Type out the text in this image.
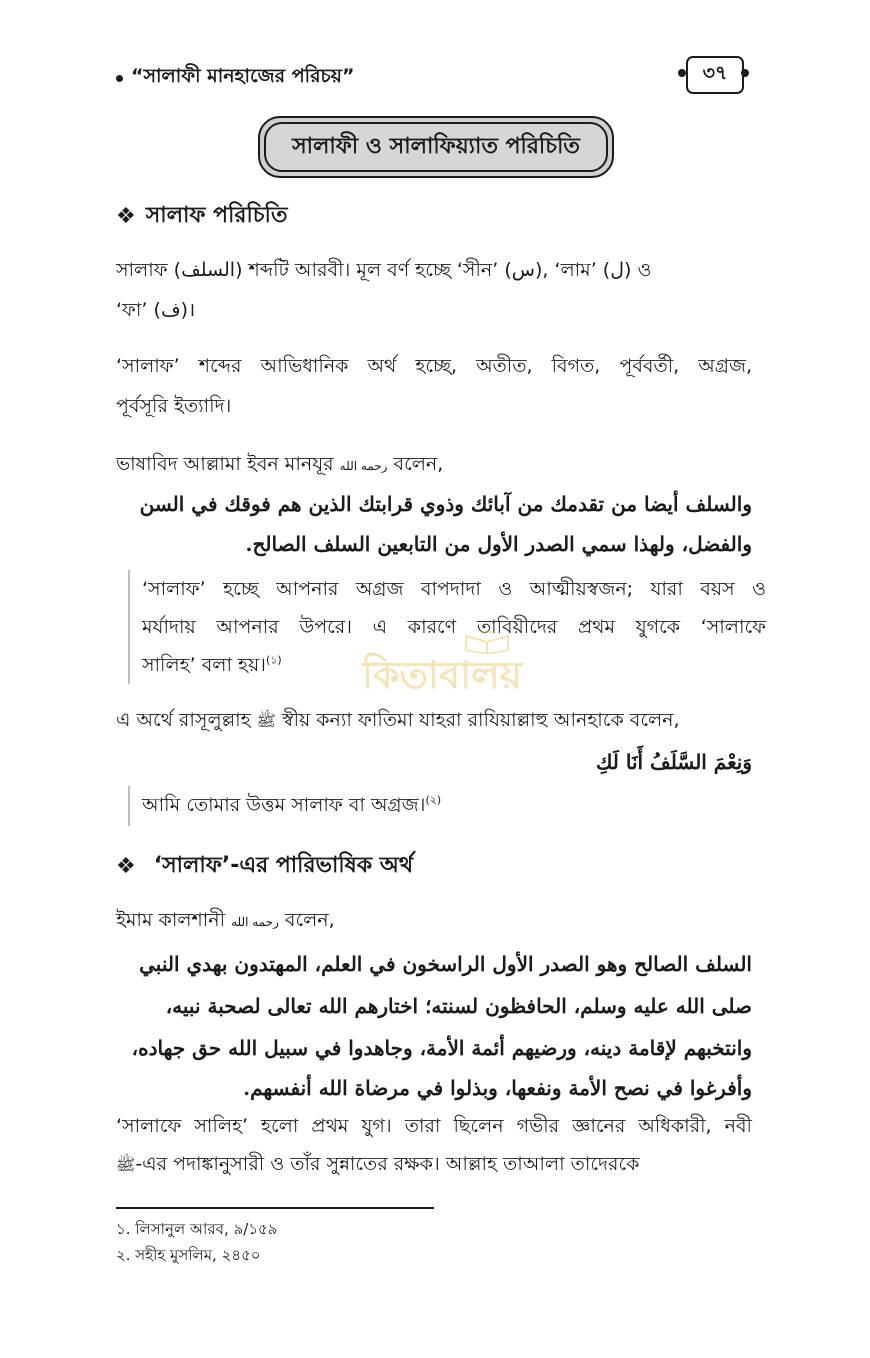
“সালাফী মানহাজের পরিচয়”	৩৭
সালাফী ও সালাফিয়্যাত পরিচিতি
❖ সালাফ পরিচিতি
সালাফ (السلف) শব্দটি আরবী। মূল বর্ণ হচ্ছে ‘সীন’ (س), ‘লাম’ (ل) ও
‘ফা’ (ف)।
‘সালাফ’ শব্দের আভিধানিক অর্থ হচ্ছে, অতীত, বিগত, পূর্ববর্তী, অগ্রজ,
পূর্বসূরি ইত্যাদি।
ভাষাবিদ আল্লামা ইবন মানযূর رحمه الله বলেন,
والسلف أيضا من تقدمك من آبائك وذوي قرابتك الذين هم فوقك في السن
والفضل، ولهذا سمي الصدر الأول من التابعين السلف الصالح.
‘সালাফ’ হচ্ছে আপনার অগ্রজ বাপদাদা ও আত্মীয়স্বজন; যারা বয়স ও
মর্যাদায় আপনার উপরে। এ কারণে তাবিয়ীদের প্রথম যুগকে ‘সালাফে
সালিহ’ বলা হয়।$^{(১)}$	কিতাবালয়
এ অর্থে রাসূলুল্লাহ ﷺ স্বীয় কন্যা ফাতিমা যাহরা রাযিয়াল্লাহু আনহাকে বলেন,
وَنِعْمَ السَّلَفُ أَنَا لَكِ
আমি তোমার উত্তম সালাফ বা অগ্রজ।$^{(২)}$
❖ ‘সালাফ’-এর পারিভাষিক অর্থ
ইমাম কালশানী رحمه الله বলেন,
السلف الصالح وهو الصدر الأول الراسخون في العلم، المهتدون بهدي النبي
صلى الله عليه وسلم، الحافظون لسنته؛ اختارهم الله تعالى لصحبة نبيه،
وانتخبهم لإقامة دينه، ورضيهم أئمة الأمة، وجاهدوا في سبيل الله حق جهاده،
وأفرغوا في نصح الأمة ونفعها، وبذلوا في مرضاة الله أنفسهم.
‘সালাফে সালিহ’ হলো প্রথম যুগ। তারা ছিলেন গভীর জ্ঞানের অধিকারী, নবী
ﷺ-এর পদাঙ্কানুসারী ও তাঁর সুন্নাতের রক্ষক। আল্লাহ তাআলা তাদেরকে
১. লিসানুল আরব, ৯/১৫৯
২. সহীহ মুসলিম, ২৪৫০
